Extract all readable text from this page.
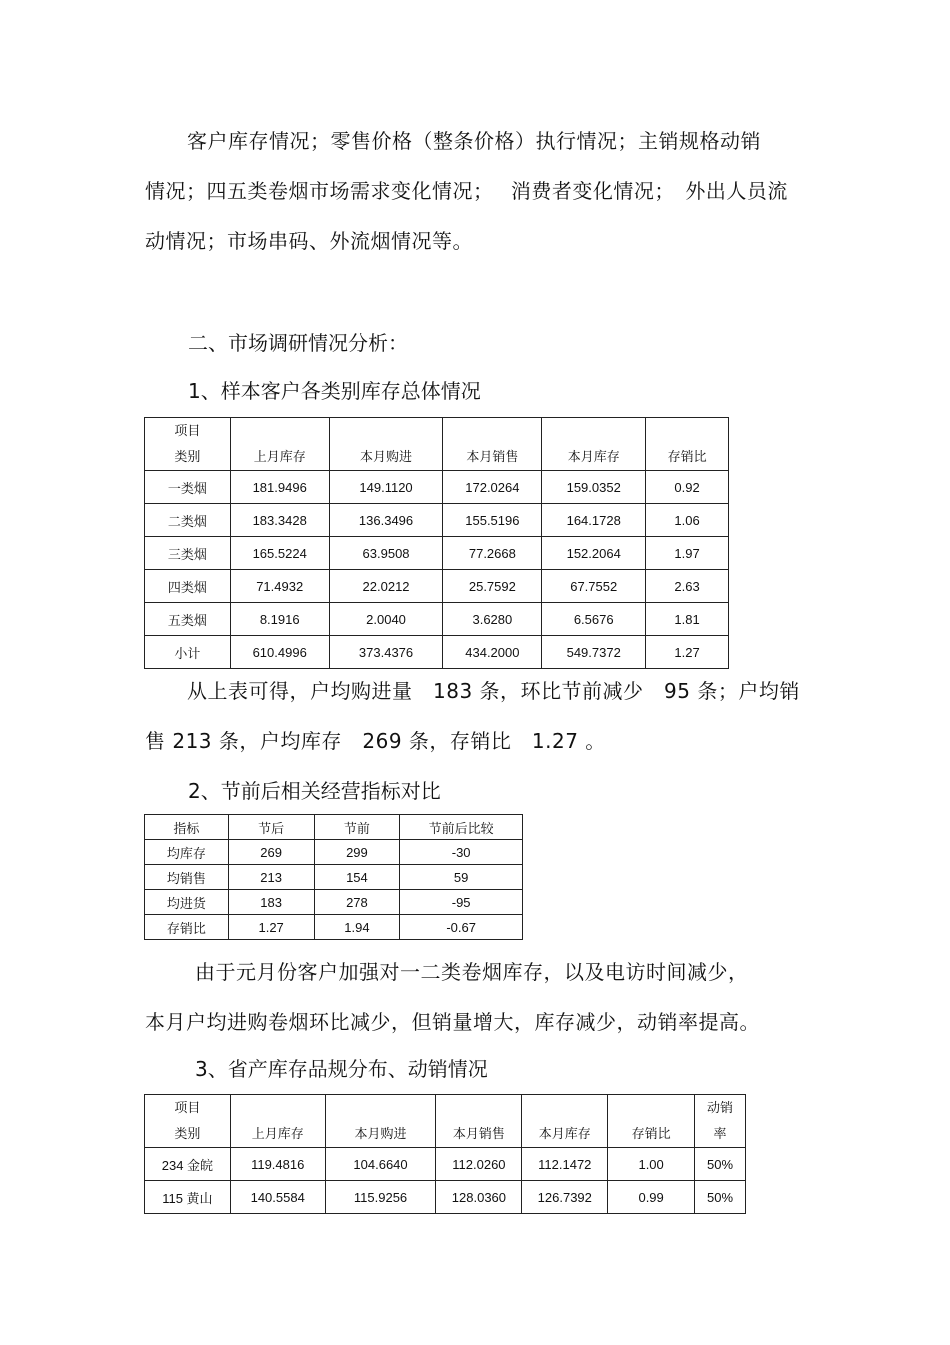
客户库存情况；零售价格（整条价格）执行情况；主销规格动销
情况；四五类卷烟市场需求变化情况；　 消费者变化情况；　外出人员流
动情况；市场串码、外流烟情况等。
二、市场调研情况分析：
1、样本客户各类别库存总体情况
项目
类别	上月库存	本月购进	本月销售	本月库存	存销比

一类烟	181.9496	149.1120	172.0264	159.0352	0.92
二类烟	183.3428	136.3496	155.5196	164.1728	1.06
三类烟	165.5224	63.9508	77.2668	152.2064	1.97
四类烟	71.4932	22.0212	25.7592	67.7552	2.63
五类烟	8.1916	2.0040	3.6280	6.5676	1.81
小计	610.4996	373.4376	434.2000	549.7372	1.27
从上表可得，户均购进量　183 条，环比节前减少　95 条；户均销
售 213 条，户均库存　269 条，存销比　1.27 。
2、节前后相关经营指标对比
指标	节后	节前	节前后比较
均库存	269	299	-30
均销售	213	154	59
均进货	183	278	-95
存销比	1.27	1.94	-0.67
由于元月份客户加强对一二类卷烟库存，以及电访时间减少，
本月户均进购卷烟环比减少，但销量增大，库存减少，动销率提高。
3、省产库存品规分布、动销情况
项目
类别	上月库存	本月购进	本月销售	本月库存	存销比	动销
率

234 金皖	119.4816	104.6640	112.0260	112.1472	1.00	50%
115 黄山	140.5584	115.9256	128.0360	126.7392	0.99	50%
